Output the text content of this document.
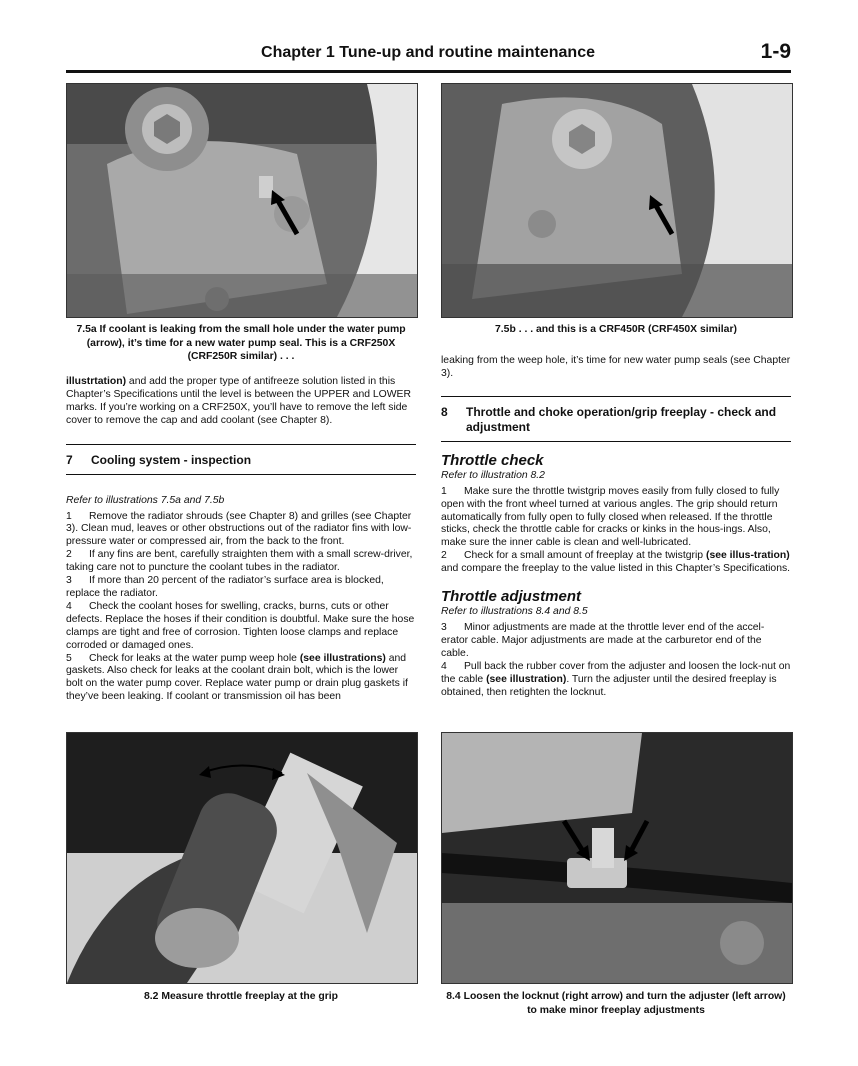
Chapter 1 Tune-up and routine maintenance	1-9
7.5a If coolant is leaking from the small hole under the water pump (arrow), it’s time for a new water pump seal. This is a CRF250X (CRF250R similar) . . .
7.5b . . . and this is a CRF450R (CRF450X similar)

illustrtation) and add the proper type of antifreeze solution listed in this Chapter’s Specifications until the level is between the UPPER and LOWER marks. If you’re working on a CRF250X, you’ll have to remove the left side cover to remove the cap and add coolant (see Chapter 8).

7	Cooling system - inspection

Refer to illustrations 7.5a and 7.5b

1 Remove the radiator shrouds (see Chapter 8) and grilles (see Chapter 3). Clean mud, leaves or other obstructions out of the radiator fins with low-pressure water or compressed air, from the back to the front.

2 If any fins are bent, carefully straighten them with a small screw-driver, taking care not to puncture the coolant tubes in the radiator.

3 If more than 20 percent of the radiator’s surface area is blocked, replace the radiator.

4 Check the coolant hoses for swelling, cracks, burns, cuts or other defects. Replace the hoses if their condition is doubtful. Make sure the hose clamps are tight and free of corrosion. Tighten loose clamps and replace corroded or damaged ones.

5 Check for leaks at the water pump weep hole (see illustrations) and gaskets. Also check for leaks at the coolant drain bolt, which is the lower bolt on the water pump cover. Replace water pump or drain plug gaskets if they’ve been leaking. If coolant or transmission oil has been

leaking from the weep hole, it’s time for new water pump seals (see Chapter 3).

8	Throttle and choke operation/grip freeplay - check and adjustment

Throttle check

Refer to illustration 8.2

1 Make sure the throttle twistgrip moves easily from fully closed to fully open with the front wheel turned at various angles. The grip should return automatically from fully open to fully closed when released. If the throttle sticks, check the throttle cable for cracks or kinks in the hous-ings. Also, make sure the inner cable is clean and well-lubricated.

2 Check for a small amount of freeplay at the twistgrip (see illus-tration) and compare the freeplay to the value listed in this Chapter’s Specifications.

Throttle adjustment

Refer to illustrations 8.4 and 8.5

3 Minor adjustments are made at the throttle lever end of the accel-erator cable. Major adjustments are made at the carburetor end of the cable.

4 Pull back the rubber cover from the adjuster and loosen the lock-nut on the cable (see illustration). Turn the adjuster until the desired freeplay is obtained, then retighten the locknut.

8.2 Measure throttle freeplay at the grip	8.4 Loosen the locknut (right arrow) and turn the adjuster (left arrow) to make minor freeplay adjustments
